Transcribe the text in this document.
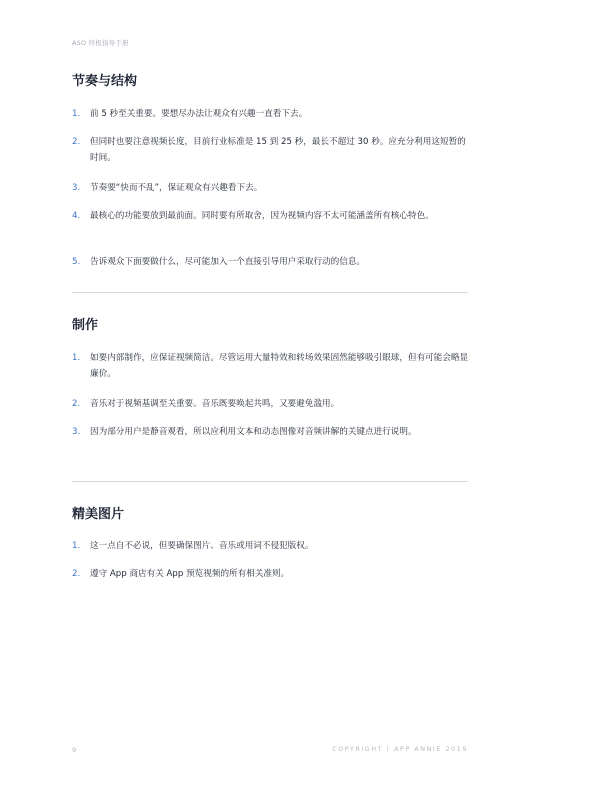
ASO 终极指导手册
节奏与结构
1. 前 5 秒至关重要。要想尽办法让观众有兴趣一直看下去。
2. 但同时也要注意视频长度，目前行业标准是 15 到 25 秒，最长不超过 30 秒。应充分利用这短暂的时间。
3. 节奏要“快而不乱”，保证观众有兴趣看下去。
4. 最核心的功能要放到最前面。同时要有所取舍，因为视频内容不太可能涵盖所有核心特色。
5. 告诉观众下面要做什么，尽可能加入一个直接引导用户采取行动的信息。
制作
1. 如要内部制作，应保证视频简洁。尽管运用大量特效和转场效果固然能够吸引眼球，但有可能会略显廉价。
2. 音乐对于视频基调至关重要。音乐既要唤起共鸣，又要避免滥用。
3. 因为部分用户是静音观看，所以应利用文本和动态图像对音频讲解的关键点进行说明。
精美图片
1. 这一点自不必说，但要确保图片、音乐或用词不侵犯版权。
2. 遵守 App 商店有关 App 预览视频的所有相关准则。
9	COPYRIGHT | APP ANNIE 2019
